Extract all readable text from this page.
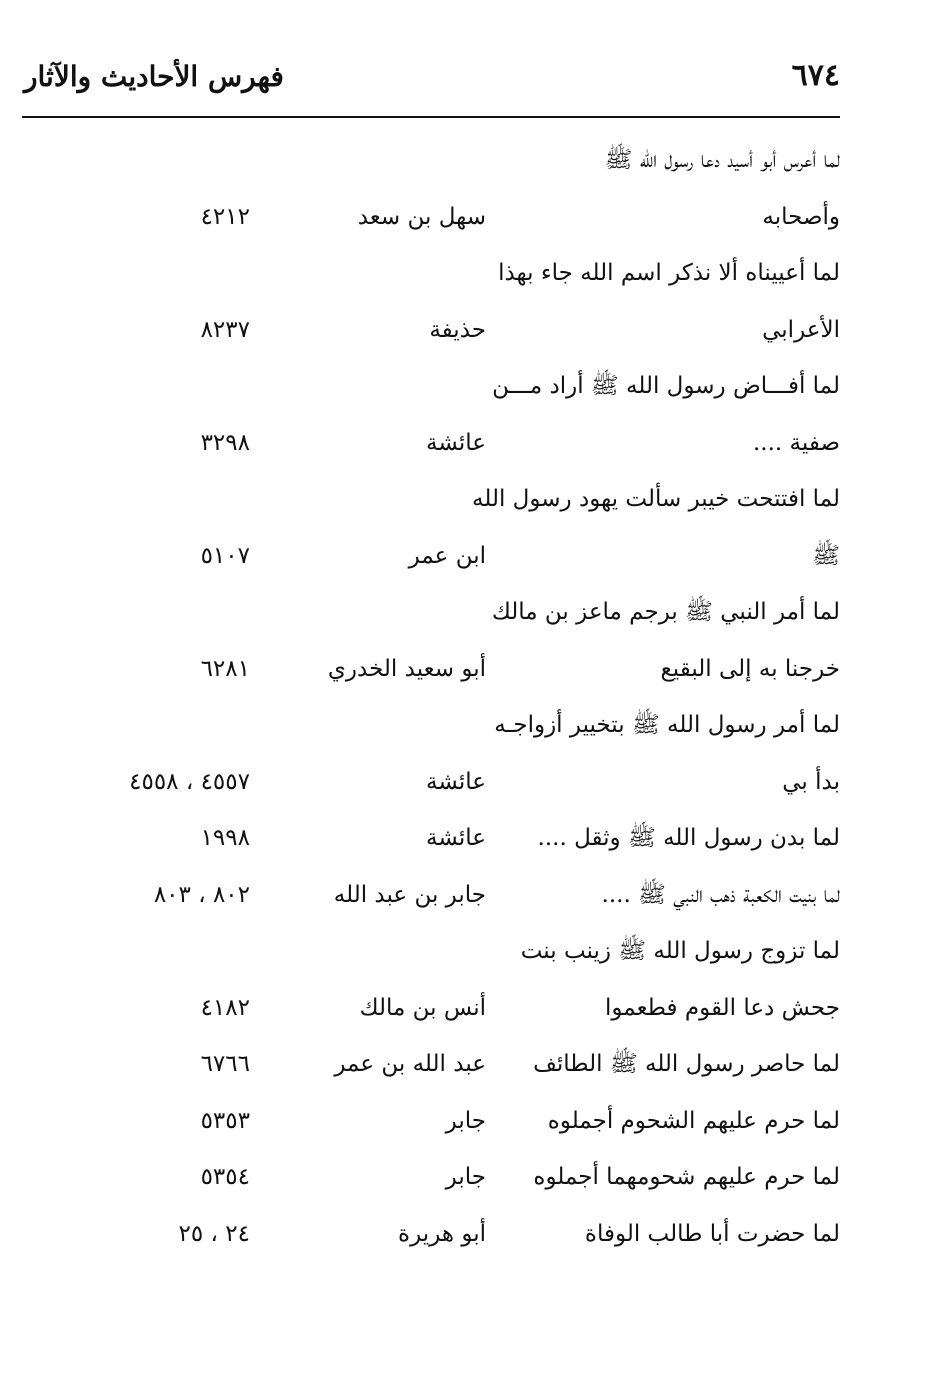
٦٧٤
فهرس الأحاديث والآثار
لما أعرس أبو أسيد دعا رسول الله ﷺ
وأصحابه
سهل بن سعد
٤٢١٢
لما أعييناه ألا نذكر اسم الله جاء بهذا
الأعرابي
حذيفة
٨٢٣٧
لما أفـــاض رسول الله ﷺ أراد مـــن
صفية ....
عائشة
٣٢٩٨
لما افتتحت خيبر سألت يهود رسول الله
ﷺ
ابن عمر
٥١٠٧
لما أمر النبي ﷺ برجم ماعز بن مالك
خرجنا به إلى البقيع
أبو سعيد الخدري
٦٢٨١
لما أمر رسول الله ﷺ بتخيير أزواجـه
بدأ بي
عائشة
٤٥٥٧ ، ٤٥٥٨
لما بدن رسول الله ﷺ وثقل ....
عائشة
١٩٩٨
لما بنيت الكعبة ذهب النبي ﷺ ....
جابر بن عبد الله
٨٠٢ ، ٨٠٣
لما تزوج رسول الله ﷺ زينب بنت
جحش دعا القوم فطعموا
أنس بن مالك
٤١٨٢
لما حاصر رسول الله ﷺ الطائف
عبد الله بن عمر
٦٧٦٦
لما حرم عليهم الشحوم أجملوه
جابر
٥٣٥٣
لما حرم عليهم شحومهما أجملوه
جابر
٥٣٥٤
لما حضرت أبا طالب الوفاة
أبو هريرة
٢٤ ، ٢٥
